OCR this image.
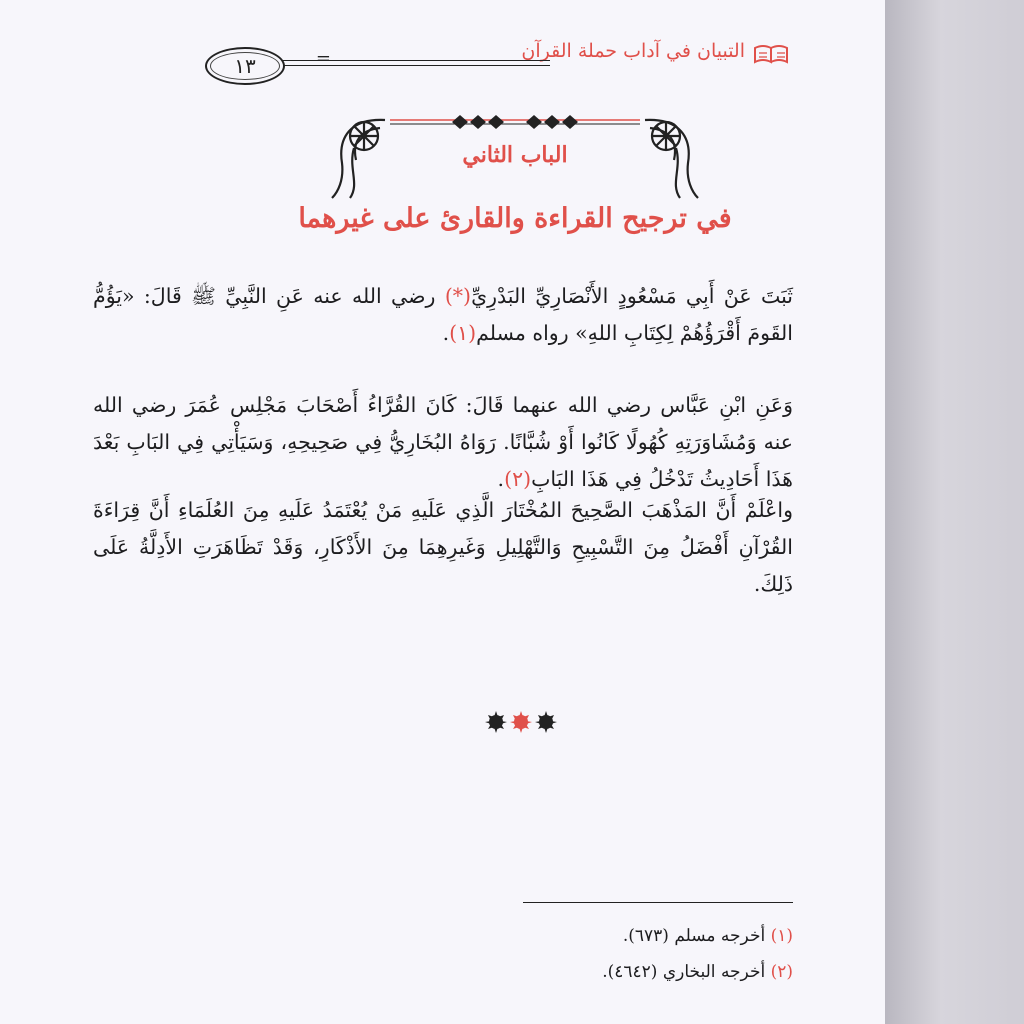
التبيان في آداب حملة القرآن
=
١٣
الباب الثاني
في ترجيح القراءة والقارئ على غيرهما

ثَبَتَ عَنْ أَبِي مَسْعُودٍ الأَنْصَارِيِّ البَدْرِيِّ(*) رضي الله عنه عَنِ النَّبِيِّ ﷺ قَالَ: «يَؤُمُّ القَومَ أَقْرَؤُهُمْ لِكِتَابِ اللهِ» رواه مسلم(١).
وَعَنِ ابْنِ عَبَّاس رضي الله عنهما قَالَ: كَانَ القُرَّاءُ أَصْحَابَ مَجْلِس عُمَرَ رضي الله عنه وَمُشَاوَرَتِهِ كُهُولًا كَانُوا أَوْ شُبَّانًا. رَوَاهُ البُخَارِيُّ فِي صَحِيحِهِ، وَسَيَأْتِي فِي البَابِ بَعْدَ هَذَا أَحَادِيثُ تَدْخُلُ فِي هَذَا البَابِ(٢).
واعْلَمْ أَنَّ المَذْهَبَ الصَّحِيحَ المُخْتَارَ الَّذِي عَلَيهِ مَنْ يُعْتَمَدُ عَلَيهِ مِنَ العُلَمَاءِ أَنَّ قِرَاءَةَ القُرْآنِ أَفْضَلُ مِنَ التَّسْبِيحِ وَالتَّهْلِيلِ وَغَيرِهِمَا مِنَ الأَذْكَارِ، وَقَدْ تَظَاهَرَتِ الأَدِلَّةُ عَلَى ذَلِكَ.
(١) أخرجه مسلم (٦٧٣).
(٢) أخرجه البخاري (٤٦٤٢).
